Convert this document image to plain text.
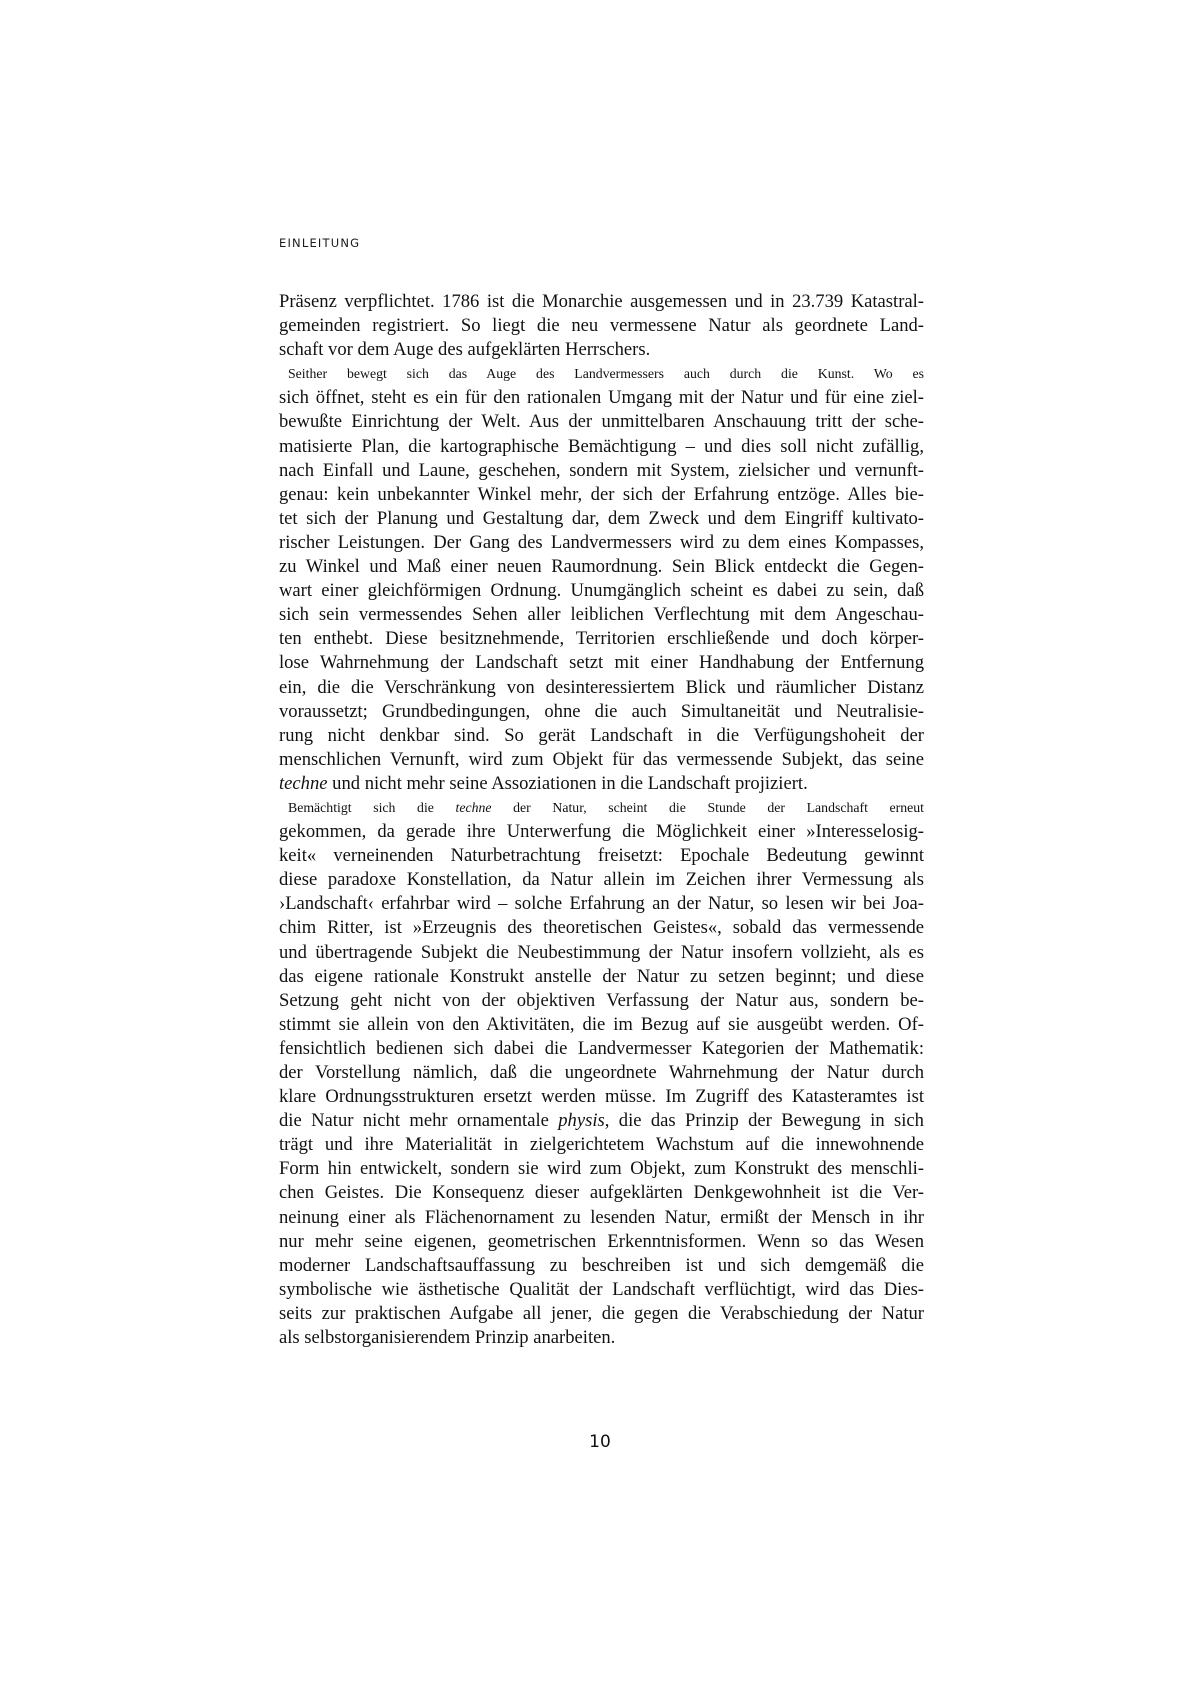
EINLEITUNG

Präsenz verpflichtet. 1786 ist die Monarchie ausgemessen und in 23.739 Katastral-
gemeinden registriert. So liegt die neu vermessene Natur als geordnete Land-
schaft vor dem Auge des aufgeklärten Herrschers.

Seither bewegt sich das Auge des Landvermessers auch durch die Kunst. Wo es
sich öffnet, steht es ein für den rationalen Umgang mit der Natur und für eine ziel-
bewußte Einrichtung der Welt. Aus der unmittelbaren Anschauung tritt der sche-
matisierte Plan, die kartographische Bemächtigung – und dies soll nicht zufällig,
nach Einfall und Laune, geschehen, sondern mit System, zielsicher und vernunft-
genau: kein unbekannter Winkel mehr, der sich der Erfahrung entzöge. Alles bie-
tet sich der Planung und Gestaltung dar, dem Zweck und dem Eingriff kultivato-
rischer Leistungen. Der Gang des Landvermessers wird zu dem eines Kompasses,
zu Winkel und Maß einer neuen Raumordnung. Sein Blick entdeckt die Gegen-
wart einer gleichförmigen Ordnung. Unumgänglich scheint es dabei zu sein, daß
sich sein vermessendes Sehen aller leiblichen Verflechtung mit dem Angeschau-
ten enthebt. Diese besitznehmende, Territorien erschließende und doch körper-
lose Wahrnehmung der Landschaft setzt mit einer Handhabung der Entfernung
ein, die die Verschränkung von desinteressiertem Blick und räumlicher Distanz
voraussetzt; Grundbedingungen, ohne die auch Simultaneität und Neutralisie-
rung nicht denkbar sind. So gerät Landschaft in die Verfügungshoheit der
menschlichen Vernunft, wird zum Objekt für das vermessende Subjekt, das seine
techne und nicht mehr seine Assoziationen in die Landschaft projiziert.

Bemächtigt sich die techne der Natur, scheint die Stunde der Landschaft erneut
gekommen, da gerade ihre Unterwerfung die Möglichkeit einer »Interesselosig-
keit« verneinenden Naturbetrachtung freisetzt: Epochale Bedeutung gewinnt
diese paradoxe Konstellation, da Natur allein im Zeichen ihrer Vermessung als
›Landschaft‹ erfahrbar wird – solche Erfahrung an der Natur, so lesen wir bei Joa-
chim Ritter, ist »Erzeugnis des theoretischen Geistes«, sobald das vermessende
und übertragende Subjekt die Neubestimmung der Natur insofern vollzieht, als es
das eigene rationale Konstrukt anstelle der Natur zu setzen beginnt; und diese
Setzung geht nicht von der objektiven Verfassung der Natur aus, sondern be-
stimmt sie allein von den Aktivitäten, die im Bezug auf sie ausgeübt werden. Of-
fensichtlich bedienen sich dabei die Landvermesser Kategorien der Mathematik:
der Vorstellung nämlich, daß die ungeordnete Wahrnehmung der Natur durch
klare Ordnungsstrukturen ersetzt werden müsse. Im Zugriff des Katasteramtes ist
die Natur nicht mehr ornamentale physis, die das Prinzip der Bewegung in sich
trägt und ihre Materialität in zielgerichtetem Wachstum auf die innewohnende
Form hin entwickelt, sondern sie wird zum Objekt, zum Konstrukt des menschli-
chen Geistes. Die Konsequenz dieser aufgeklärten Denkgewohnheit ist die Ver-
neinung einer als Flächenornament zu lesenden Natur, ermißt der Mensch in ihr
nur mehr seine eigenen, geometrischen Erkenntnisformen. Wenn so das Wesen
moderner Landschaftsauffassung zu beschreiben ist und sich demgemäß die
symbolische wie ästhetische Qualität der Landschaft verflüchtigt, wird das Dies-
seits zur praktischen Aufgabe all jener, die gegen die Verabschiedung der Natur
als selbstorganisierendem Prinzip anarbeiten.

10
